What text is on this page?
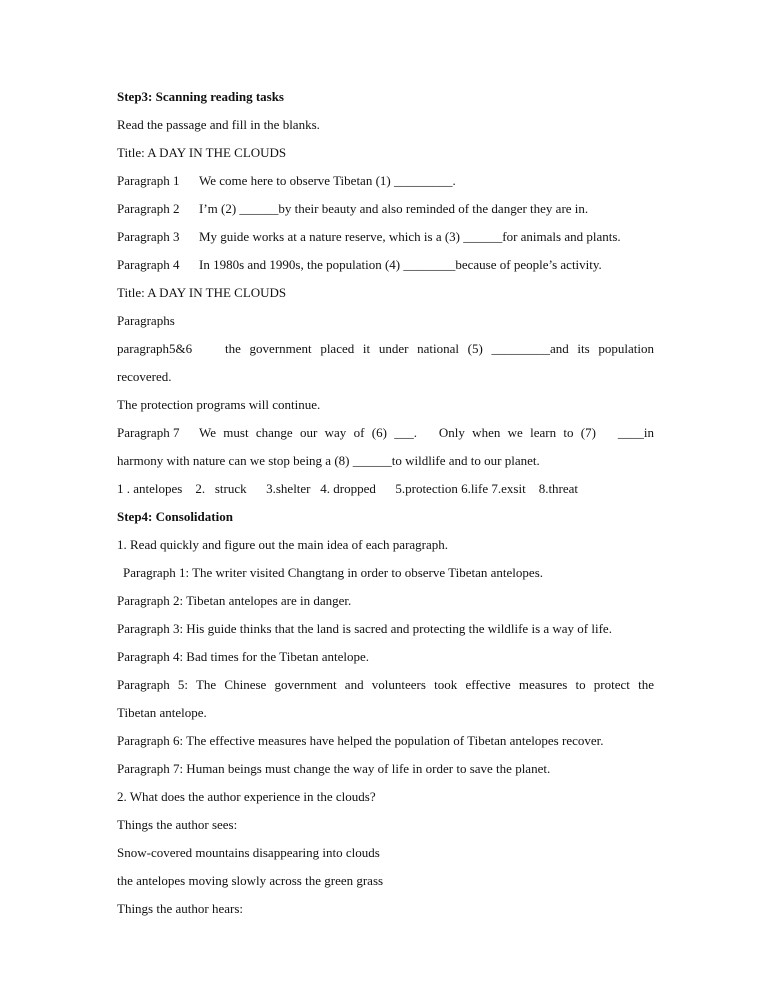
Step3: Scanning reading tasks
Read the passage and fill in the blanks.
Title: A DAY IN THE CLOUDS
Paragraph 1 We come here to observe Tibetan (1) _________.
Paragraph 2 I’m (2) ______by their beauty and also reminded of the danger they are in.
Paragraph 3 My guide works at a nature reserve, which is a (3) ______for animals and plants.
Paragraph 4 In 1980s and 1990s, the population (4) ________because of people’s activity.
Title: A DAY IN THE CLOUDS
Paragraphs
paragraph5&6	the government placed it under national (5) _________and its population
recovered.
The protection programs will continue.
Paragraph 7	We must change our way of (6) ___.   Only when we learn to (7)   ____in
harmony with nature can we stop being a (8) ______to wildlife and to our planet.
1 . antelopes    2.   struck      3.shelter   4. dropped      5.protection 6.life 7.exsit    8.threat
Step4: Consolidation
1. Read quickly and figure out the main idea of each paragraph.
Paragraph 1: The writer visited Changtang in order to observe Tibetan antelopes.
Paragraph 2: Tibetan antelopes are in danger.
Paragraph 3: His guide thinks that the land is sacred and protecting the wildlife is a way of life.
Paragraph 4: Bad times for the Tibetan antelope.
Paragraph 5: The Chinese government and volunteers took effective measures to protect the
Tibetan antelope.
Paragraph 6: The effective measures have helped the population of Tibetan antelopes recover.
Paragraph 7: Human beings must change the way of life in order to save the planet.
2. What does the author experience in the clouds?
Things the author sees:
Snow-covered mountains disappearing into clouds
the antelopes moving slowly across the green grass
Things the author hears:
